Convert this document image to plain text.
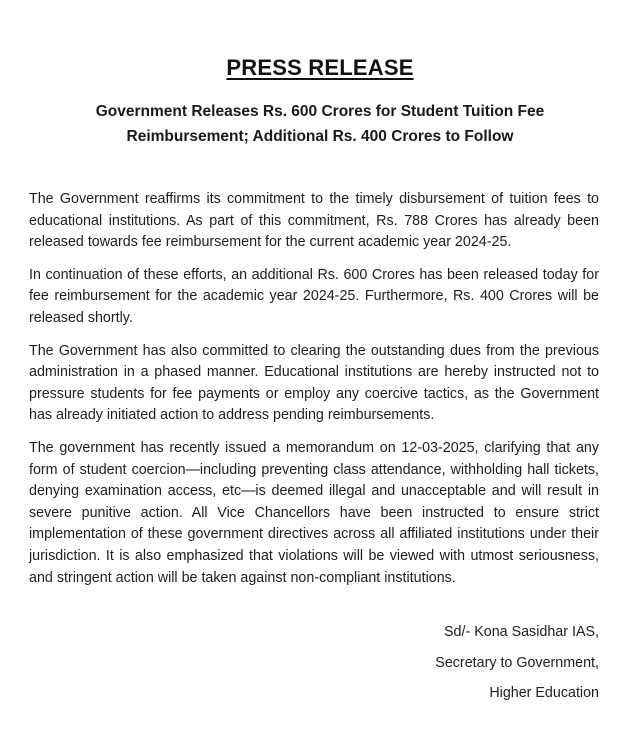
PRESS RELEASE
Government Releases Rs. 600 Crores for Student Tuition Fee
Reimbursement; Additional Rs. 400 Crores to Follow

The Government reaffirms its commitment to the timely disbursement of tuition fees to educational institutions. As part of this commitment, Rs. 788 Crores has already been released towards fee reimbursement for the current academic year 2024-25.

In continuation of these efforts, an additional Rs. 600 Crores has been released today for fee reimbursement for the academic year 2024-25. Furthermore, Rs. 400 Crores will be released shortly.

The Government has also committed to clearing the outstanding dues from the previous administration in a phased manner. Educational institutions are hereby instructed not to pressure students for fee payments or employ any coercive tactics, as the Government has already initiated action to address pending reimbursements.

The government has recently issued a memorandum on 12-03-2025, clarifying that any form of student coercion—including preventing class attendance, withholding hall tickets, denying examination access, etc—is deemed illegal and unacceptable and will result in severe punitive action. All Vice Chancellors have been instructed to ensure strict implementation of these government directives across all affiliated institutions under their jurisdiction. It is also emphasized that violations will be viewed with utmost seriousness, and stringent action will be taken against non-compliant institutions.

Sd/- Kona Sasidhar IAS,
Secretary to Government,
Higher Education
